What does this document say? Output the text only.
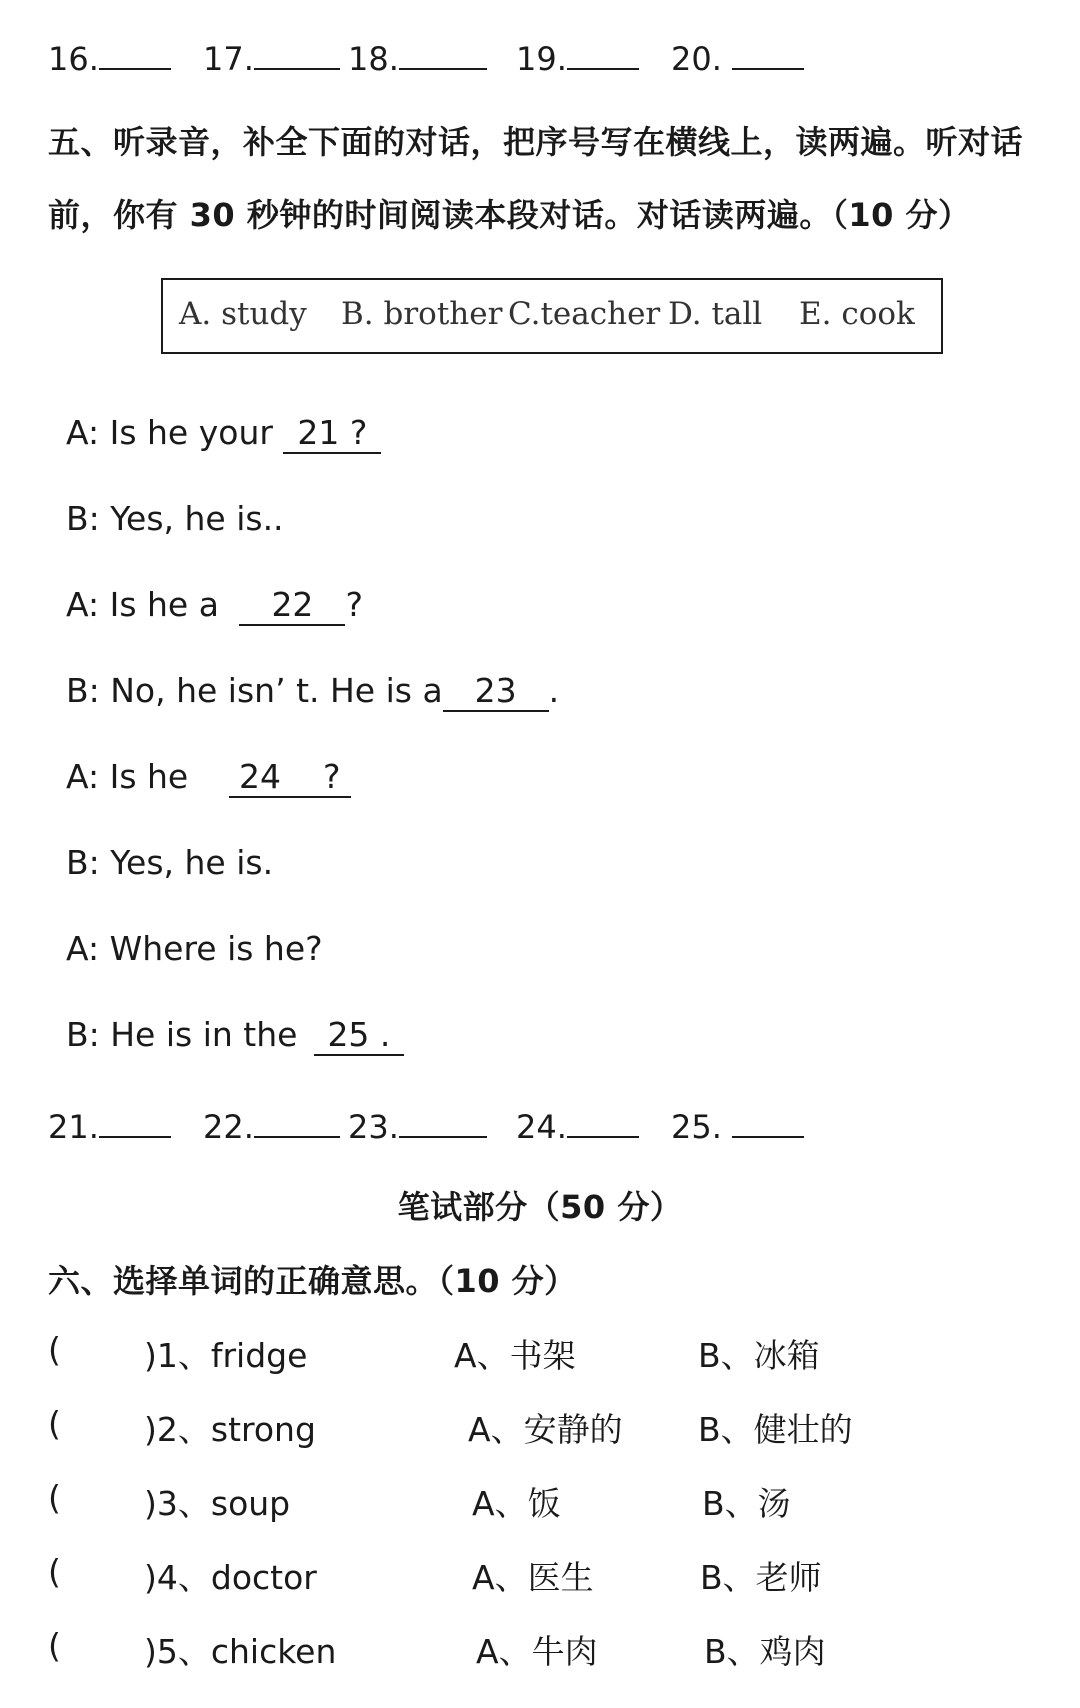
16.	17.	18.	19.	20.
五、听录音，补全下面的对话，把序号写在横线上，读两遍。听对话
前，你有 30 秒钟的时间阅读本段对话。对话读两遍。（10 分）
A. study B. brother C.teacher D. tall E. cook
A: Is he your 21 ?
B: Yes, he is..
A: Is he a 22 ?
B: No, he isn’ t. He is a 23 .
A: Is he 24    ?
B: Yes, he is.
A: Where is he?
B: He is in the 25 .
21.	22.	23.	24.	25.
笔试部分（50 分）
六、选择单词的正确意思。（10 分）
(	)1、fridge	A、书架	B、冰箱
(	)2、strong	A、安静的 B、健壮的
(	)3、soup	A、饭	B、汤
(	)4、doctor	A、医生	B、老师
(	)5、chicken	A、牛肉	B、鸡肉
